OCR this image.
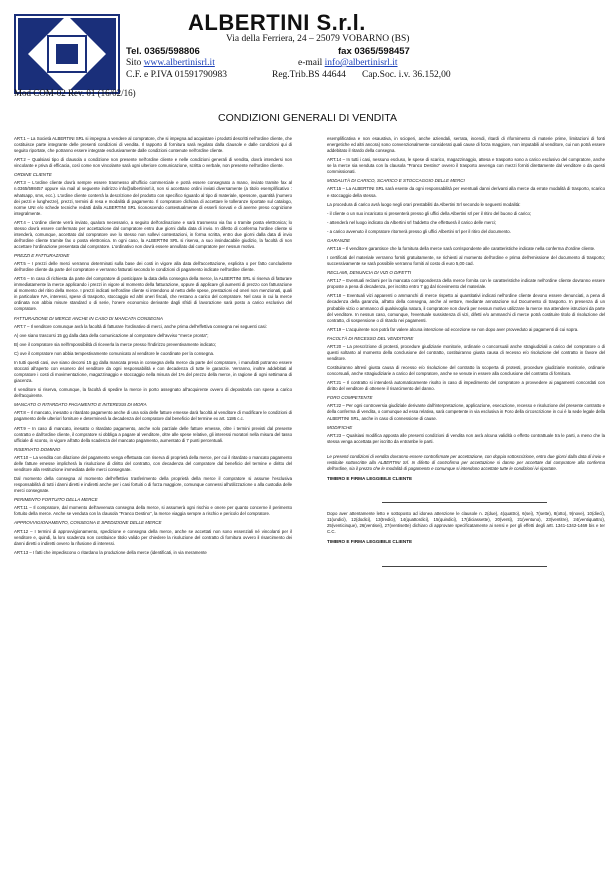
ALBERTINI S.r.l.
Via della Ferriera, 24 – 25079 VOBARNO (BS)
Tel. 0365/598806	fax 0365/598457
Sito www.albertinisrl.it	e-mail info@albertinisrl.it
C.F. e P.IVA 01591790983	Reg.Trib.BS 44644 Cap.Soc. i.v. 36.152,00
Mod COM-02 Rev. 01 (16/02/16)
CONDIZIONI GENERALI DI VENDITA

ART.1 – La Società ALBERTINI SRL si impegna a vendere al compratore, che si impegna ad acquistare i prodotti descritti nell'ordine cliente, che costituisce parte integrante delle presenti condizioni di vendita. Il rapporto di fornitura sarà regolato dalla clausole e dalle condizioni qui di seguito riportate, che potranno essere integrate esclusivamente dalle condizioni contenute nell'ordine cliente.

ART.2 – Qualsiasi tipo di clausola o condizione non presente nell'ordine cliente e nelle condizioni generali di vendita, dovrà intendersi non vincolante e priva di efficacia, così come non vincolante sarà ogni ulteriore comunicazione, scritta o verbale, non presente nell'ordine cliente.

ORDINE CLIENTE

ART.3 – L'ordine cliente dovrà sempre essere trasmesso all'ufficio commerciale e potrà essere consegnato a mano, inviato tramite fax al n.0365/598457 oppure via mail al seguente indirizzo info@albertinisrl.it, non si accettano ordini inviati diversamente (a titolo esemplificativo : whatsapp, sms, ecc.). L'ordine cliente conterrà la descrizione del prodotto con specifico riguardo al tipo di materiale, spessore, quantità (numero dei pezzi e lunghezze), prezzi, termini di resa e modalità di pagamento. Il compratore dichiara di accettare le tolleranze riportate sul catalogo, norme UNI e/o schede tecniche redatti dalla ALBERTINI SRL riconoscendo contestualmente di esserli ricevuti e di averne preso cognizione integralmente.

ART.4 – L'ordine cliente verrà inviato, qualora necessario, a seguito dell'ordinazione e sarà trasmesso via fax o tramite posta elettronica; lo stesso dovrà essere confermato per accettazione dal compratore entro due giorni dalla data di invio. In difetto di conferma l'ordine cliente si intenderà, comunque, accettato dal compratore ove lo stesso non sollevi contestazioni, in forma scritta, entro due giorni dalla data di invio dell'ordine cliente tramite fax o posta elettronica. In ogni caso, la ALBERTINI SRL si riserva, a suo insindacabile giudizio, la facoltà di non accettare l'ordinazione presentata dal compratore. L'ordinativo non dovrà essere annullato dal compratore per nessun motivo.

PREZZI E FATTURAZIONE

ART.5 – I prezzi delle merci verranno determinati sulla base dei costi in vigore alla data dell'accettazione, esplicita o per fatto concludente dell'ordine cliente da parte del compratore e verranno fatturati secondo le condizioni di pagamento indicate nell'ordine cliente.

ART.6 – In caso di richiesta da parte del compratore di posticipare la data della consegna della merce, la ALBERTINI SRL si riserva di fatturare immediatamente la merce applicando i prezzi in vigore al momento della fatturazione, oppure di applicare gli aumenti di prezzo con fatturazione al momento del ritiro della merce. I prezzi indicati nell'ordine cliente si intendono al netto delle spese, prestazioni ed oneri non menzionati, quali in particolare IVA, interessi, spese di trasporto, stoccaggio ed altri oneri fiscali, che restano a carico del compratore. Nel caso in cui la merce ordinata non abbia misure standard o di serie, l'onere economico derivante dagli sfridi di lavorazione sarà posto a carico esclusivo del compratore.

FATTURAZIONE DI MERCE ANCHE IN CASO DI MANCATA CONSEGNA

ART.7 – Il venditore comunque avrà la facoltà di fatturare l'ordinativo di merci, anche prima dell'effettiva consegna nei seguenti casi:

A) ove siano trascorsi 15 gg dalla data della comunicazione al compratore dell'avviso "merce pronta";

B) ove il compratore sia nell'impossibilità di riceverla la merce presso l'indirizzo preventivamente indicato;

C) ove il compratore non abbia tempestivamente comunicato al venditore le coordinate per la consegna.

In tutti questi casi, ove siano decorsi 15 gg dalla mancata presa in consegna della merce da parte del compratore, i manufatti potranno essere stoccati all'aperto con esonero del venditore da ogni responsabilità e con decadenza di tutte le garanzie. Verranno, inoltre addebitati al compratore i costi di movimentazione, magazzinaggio e stoccaggio nella misura del 1% del prezzo della merce, in ragione di ogni settimana di giacenza.

Il venditore si riserva, comunque, la facoltà di spedire la merce in porto assegnato all'acquirente ovvero di depositarla con spese a carico dell'acquirente.

MANCATO O RITARDATO PAGAMENTO E INTERESSI DI MORA

ART.8 – Il mancato, inesatto o ritardato pagamento anche di una sola delle fatture emesse darà facoltà al venditore di modificare le condizioni di pagamento delle ulteriori forniture e determinerà la decadenza del compratore dal beneficio del termine ex art. 1186 c.c.

ART.9 – In caso di mancato, inesatto o ritardato pagamento, anche solo parziale delle fatture emesse, oltre i termini previsti dal presente contratto e dall'ordine cliente, il compratore si obbliga a pagare al venditore, oltre alle spese relative, gli interessi moratori nella misura del tasso ufficiale di sconto, in vigore all'atto della scadenza del mancato pagamento, aumentato di 7 punti percentuali.

RISERVATO DOMINIO

ART.10 – La vendita con dilazione del pagamento venga effettuata con riserva di proprietà della merce, per cui il ritardato o mancato pagamento delle fatture emesse implicherà la risoluzione di diritto del contratto, con decadenza del compratore dal beneficio del termine e diritto del venditore alla restituzione immediata delle merci consegnate.

Dal momento della consegna al momento dell'effettivo trasferimento della proprietà della merce il compratore si assume l'esclusiva responsabilità di tutti i danni diretti e indiretti anche per i casi fortuiti o di forza maggiore, comunque connessi all'utilizzazione o alla custodia delle merci consegnate.

PERIMENTO FORTUITO DELLA MERCE

ART.11 – Il compratore, dal momento dell'avvenuta consegna della merce, si assumerà ogni rischio e onere per quanto concerne il perimento fortuito della merce. Anche se venduta con la clausola "Franco Destino", la merce viaggia sempre a rischio e pericolo del compratore.

APPROVVIGIONAMENTO, CONSEGNA E SPEDIZIONE DELLE MERCE

ART.12 – I termini di approvvigionamento, spedizione e consegna della merce, anche se accettati non sono essenziali né vincolanti per il venditore e, quindi, la loro scadenza non costituisce titolo valido per chiedere la risoluzione del contratto di fornitura ovvero il risarcimento dei danni diretti o indiretti ovvero la rifusione di interessi.

ART.13 – I fatti che impediscono o ritardano la produzione della merce (identificati, in via meramente

esemplificativa e non esaustiva, in scioperi, anche aziendali, serrata, incendi, ritardi di rifornimento di materie prime, limitazioni di fonti energetiche ed altri ancora) sono convenzionalmente considerati quali cause di forza maggiore, non imputabili al venditore, cui non potrà essere addebitato il ritardo della consegna.

ART.14 – In tutti i casi, nessuno escluso, le spese di scarico, magazzinaggio, attesa e trasporto sono a carico esclusivo del compratore, anche se la merce sia venduta con la clausola "Franco Destino" ovvero il trasporto avvenga con mezzi forniti direttamente dal venditore o da questi commissionati.

MODALITÀ DI CARICO, SCARICO E STOCCAGGIO DELLE MERCI

ART.15 – La ALBERTINI SRL sarà esente da ogni responsabilità per eventuali danni derivanti alla merce da errate modalità di trasporto, scarico e stoccaggio della stessa.

La procedura di carico avrà luogo negli orari prestabiliti da Albertini Srl secondo le seguenti modalità:

- il cliente o un suo incaricato si presenterà presso gli uffici della Albertini srl per il ritiro del buono di carico;

- attenderà nel luogo indicato da Albertini srl l'addetto che effettuerà il carico delle merci;

- a carico avvenuto il compratore ritornerà presso gli uffici Albertini srl per il ritiro del documento.

GARANZIE

ART.16 – Il venditore garantisce che la fornitura della merce sarà corrispondente alle caratteristiche indicate nella conferma d'ordine cliente.

I certificati del materiale verranno forniti gratuitamente, se richiesti al momento dell'ordine e prima dell'emissione del documento di trasporto; successivamente se sarà possibile verranno forniti al costo di euro 5,00 cad.

RECLAMI, DENUNCIA DI VIZI O DIFETTI

ART.17 – Eventuali reclami per la mancata corrispondenza della merce fornita con le caratteristiche indicate nell'ordine cliente dovranno essere proposte a pena di decadenza, per iscritto entro 7 gg dal ricevimento del materiale.

ART.18 – Eventuali vizi apparenti o ammanchi di merce rispetto ai quantitativi indicati nell'ordine cliente devono essere denunciati, a pena di decadenza della garanzia, all'atto della consegna, anche al vettore, mediante annotazione sul Documento di trasporto. In presenza di un probabile vizio o ammanco di qualsivoglia natura, il compratore non dovrà per nessun motivo utilizzare la merce ma attendere istruzioni da parte del venditore. In nessun caso, comunque, l'eventuale sussistenza di vizi, difetti e/o ammanchi di merce potrà costituire titolo di risoluzione del contratto, di sospensione o di ritardo nei pagamenti.

ART.19 – L'acquirente non potrà far valere alcuna intenzione od eccezione se non dopo aver provveduto ai pagamenti di cui sopra.

FACOLTÀ DI RECESSO DEL VENDITORE

ART.20 – La prescrizione di protesti, procedure giudiziarie monitorie, ordinarie o concorsuali anche stragiudiziali a carico del compratore o di questi soltanto al momento della conclusione del contratto, costituiranno giusta causa di recesso e/o risoluzione del contratto in favore del venditore.

Costituiranno altresì giusta causa di recesso e/o risoluzione del contratto la scoperta di protesti, procedure giudiziarie monitorie, ordinarie concorsuali, anche stragiudiziarie a carico del compratore, anche se venute in essere alla conclusione del contratto di fornitura.

ART.21 – Il contratto si intenderà automaticamente risolto in caso di impedimento del compratore a provvedere ai pagamenti concordati con diritto del venditore di ottenere il risarcimento del danno.

FORO COMPETENTE

ART.22 – Per ogni controversia giudiziale derivante dall'interpretazione, applicazione, esecuzione, recesso e risoluzione del presente contratto e della conferma di vendita, o comunque ad essa relativa, sarà competente in via esclusiva in Foro della circoscrizione in cui è la sede legale della ALBERTINI SRL, anche in caso di connessione di cause.

MODIFICHE

ART.23 – Qualsiasi modifica apposta alle presenti condizioni di vendita non avrà alcuna validità o effetto contrattuale tra le parti, a meno che la stessa venga accettata per iscritto da entrambe le parti.

Le presenti condizioni di vendita dovranno essere controfirmate per accettazione, con doppia sottoscrizione, entro due giorni dalla data di invio e restituite sottoscritte alla ALBERTINI Srl. In difetto di controfirma per accettazione si danno per accettate dal compratore alla conferma dell'ordine, sia il prezzo che le modalità di pagamento e comunque si intendono accettate tutte le condizioni ivi riportate.

TIMBRO E FIRMA LEGGIBILE CLIENTE

Dopo aver attentamente letto e sottoposto ad idonea attenzione le clausole n. 2(due), 4(quattro), 6(sei), 7(sette), 8(otto), 9(nove), 10(dieci), 11(undici), 12(dodici), 13(tredici), 14(quattordici), 15(quindici), 17(diciassette), 20(venti), 21(ventuno), 23(ventitre), 24(ventiquattro), 25(venticinque), 26(ventisei), 27(ventisette) dichiaro di approvare specificatamente ai sensi e per gli effetti degli artt. 1341-1342-1469 bis e ter C.C.

TIMBRO E FIRMA LEGGIBILE CLIENTE
